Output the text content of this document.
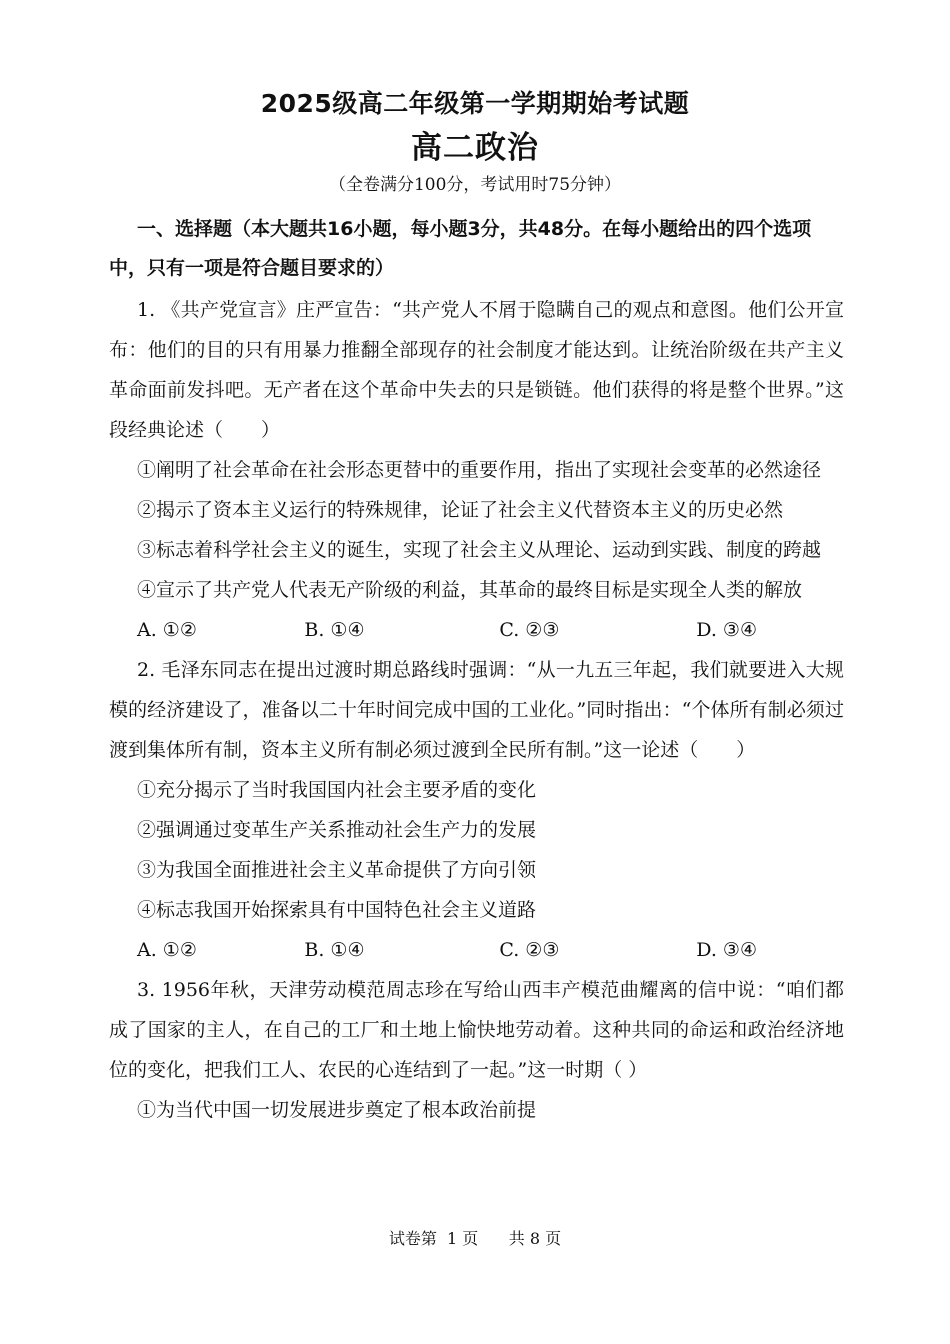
2025级高二年级第一学期期始考试题
高二政治
（全卷满分100分，考试用时75分钟）

一、选择题（本大题共16小题，每小题3分，共48分。在每小题给出的四个选项中，只有一项是符合题目要求的）

1. 《共产党宣言》庄严宣告：“共产党人不屑于隐瞒自己的观点和意图。他们公开宣布：他们的目的只有用暴力推翻全部现存的社会制度才能达到。让统治阶级在共产主义革命面前发抖吧。无产者在这个革命中失去的只是锁链。他们获得的将是整个世界。”这段经典论述（　　）

①阐明了社会革命在社会形态更替中的重要作用，指出了实现社会变革的必然途径

②揭示了资本主义运行的特殊规律，论证了社会主义代替资本主义的历史必然

③标志着科学社会主义的诞生，实现了社会主义从理论、运动到实践、制度的跨越

④宣示了共产党人代表无产阶级的利益，其革命的最终目标是实现全人类的解放

A. ①②	B. ①④	C. ②③	D. ③④

2. 毛泽东同志在提出过渡时期总路线时强调：“从一九五三年起，我们就要进入大规模的经济建设了，准备以二十年时间完成中国的工业化。”同时指出：“个体所有制必须过渡到集体所有制，资本主义所有制必须过渡到全民所有制。”这一论述（　　）

①充分揭示了当时我国国内社会主要矛盾的变化

②强调通过变革生产关系推动社会生产力的发展

③为我国全面推进社会主义革命提供了方向引领

④标志我国开始探索具有中国特色社会主义道路

A. ①②	B. ①④	C. ②③	D. ③④

3. 1956年秋，天津劳动模范周志珍在写给山西丰产模范曲耀离的信中说：“咱们都成了国家的主人，在自己的工厂和土地上愉快地劳动着。这种共同的命运和政治经济地位的变化，把我们工人、农民的心连结到了一起。”这一时期（ ）

①为当代中国一切发展进步奠定了根本政治前提

试卷第  1 页      共 8 页
